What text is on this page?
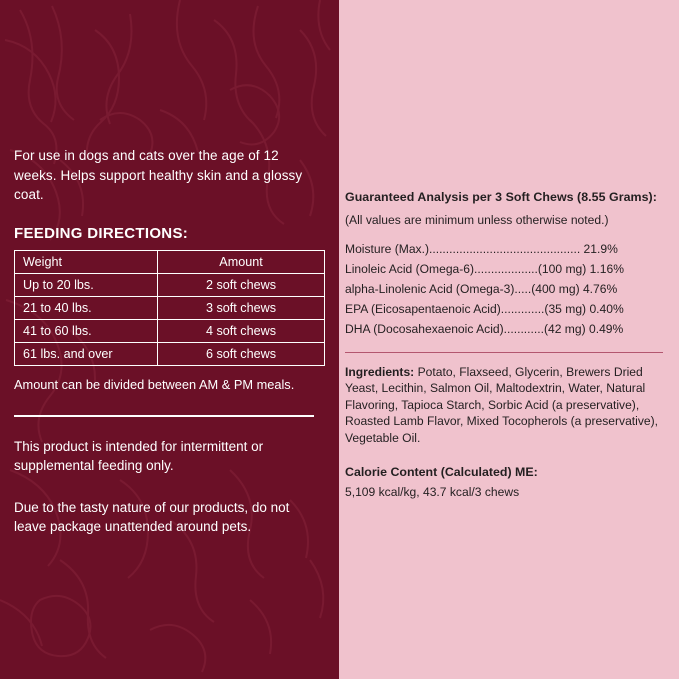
For use in dogs and cats over the age of 12 weeks. Helps support healthy skin and a glossy coat.

FEEDING DIRECTIONS:
Weight	Amount
Up to 20 lbs.	2 soft chews
21 to 40 lbs.	3 soft chews
41 to 60 lbs.	4 soft chews
61 lbs. and over	6 soft chews

Amount can be divided between AM & PM meals.

This product is intended for intermittent or supplemental feeding only.

Due to the tasty nature of our products, do not leave package unattended around pets.

Guaranteed Analysis per 3 Soft Chews (8.55 Grams):
(All values are minimum unless otherwise noted.)
Moisture (Max.)............................................. 21.9%
Linoleic Acid (Omega-6)...................(100 mg) 1.16%
alpha-Linolenic Acid (Omega-3).....(400 mg) 4.76%
EPA (Eicosapentaenoic Acid).............(35 mg) 0.40%
DHA (Docosahexaenoic Acid)............(42 mg) 0.49%

Ingredients: Potato, Flaxseed, Glycerin, Brewers Dried Yeast, Lecithin, Salmon Oil, Maltodextrin, Water, Natural Flavoring, Tapioca Starch, Sorbic Acid (a preservative), Roasted Lamb Flavor, Mixed Tocopherols (a preservative), Vegetable Oil.

Calorie Content (Calculated) ME:
5,109 kcal/kg, 43.7 kcal/3 chews
